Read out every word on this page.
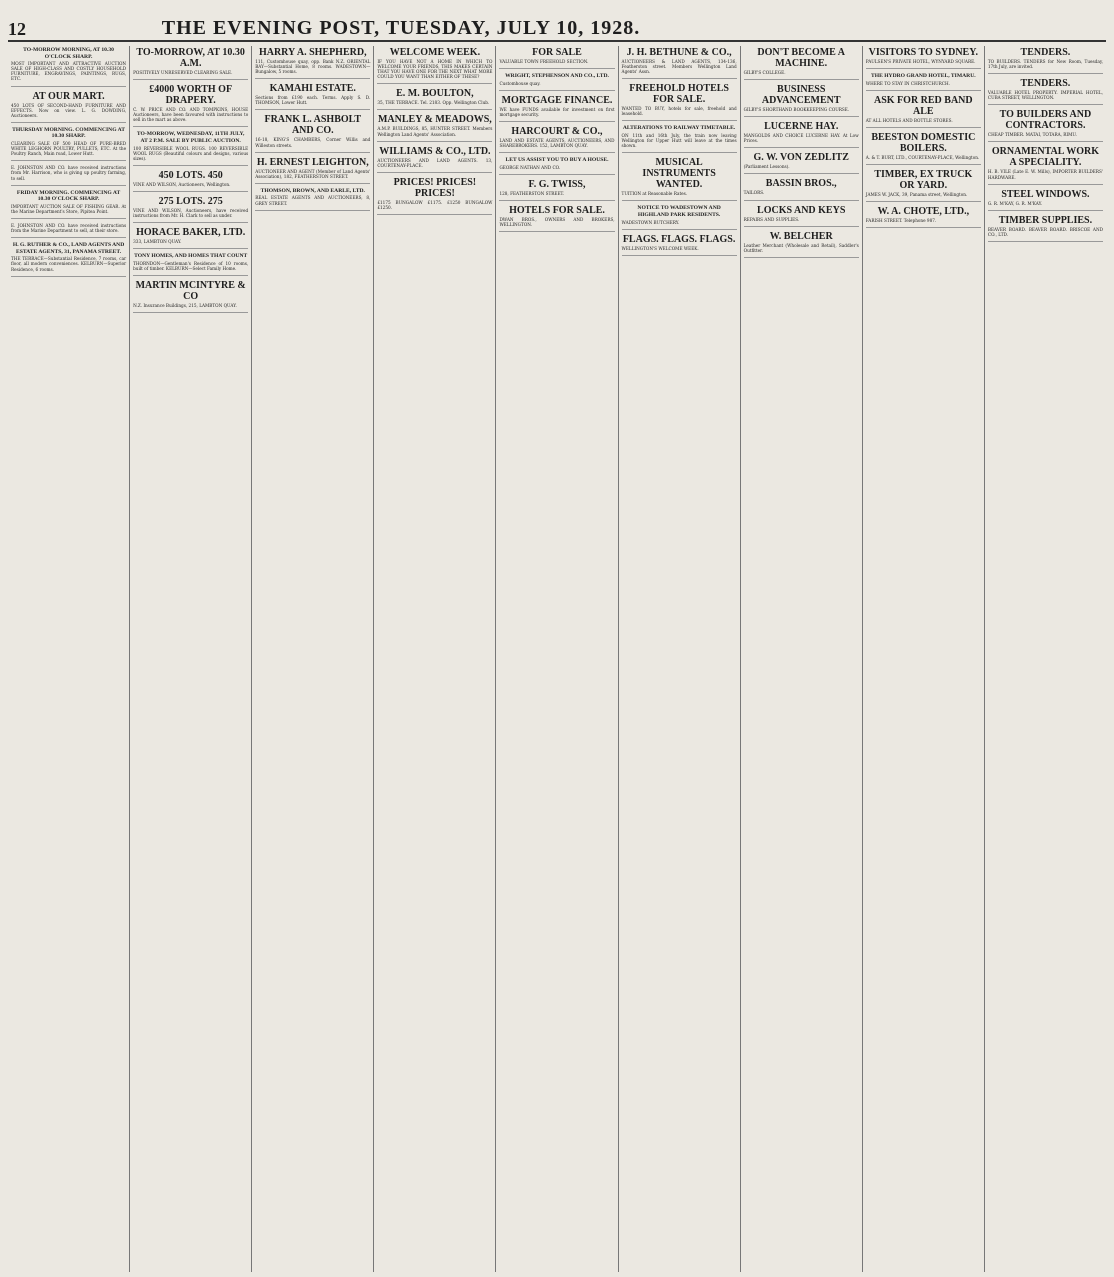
12	THE EVENING POST, TUESDAY, JULY 10, 1928.
TO-MORROW MORNING, AT 10.30 O'CLOCK SHARP.
MOST IMPORTANT AND ATTRACTIVE AUCTION SALE OF HIGH-CLASS AND COSTLY HOUSEHOLD FURNITURE, ENGRAVINGS, PAINTINGS, RUGS, ETC.
AT OUR MART.
450 LOTS OF SECOND-HAND FURNITURE AND EFFECTS. Now on view. L. G. DOWDING, Auctioneers.
THURSDAY MORNING. COMMENCING AT 10.30 SHARP.
CLEARING SALE OF 500 HEAD OF PURE-BRED WHITE LEGHORN POULTRY, PULLETS, ETC. At the Poultry Ranch, Main road, Lower Hutt.
E. JOHNSTON AND CO. have received instructions from Mr. Harrison, who is giving up poultry farming, to sell.
FRIDAY MORNING. COMMENCING AT 10.30 O'CLOCK SHARP.
IMPORTANT AUCTION SALE OF FISHING GEAR. At the Marine Department's Store, Pipitea Point.
E. JOHNSTON AND CO. have received instructions from the Marine Department to sell, at their store.
H. G. RUTHER & CO., LAND AGENTS AND ESTATE AGENTS, 31, PANAMA STREET.
THE TERRACE—Substantial Residence, 7 rooms, car floor, all modern conveniences. KELBURN—Superior Residence, 6 rooms.
TO-MORROW, AT 10.30 A.M.
POSITIVELY UNRESERVED CLEARING SALE.
£4000 WORTH OF DRAPERY.
C. W. PRICE AND CO. AND TOMPKINS, HOUSE Auctioneers, have been favoured with instructions to sell in the mart as above.
TO-MORROW, WEDNESDAY, 11TH JULY, AT 2 P.M. SALE BY PUBLIC AUCTION.
100 REVERSIBLE WOOL RUGS. 100 REVERSIBLE WOOL RUGS (Beautiful colours and designs, various sizes).
450 LOTS. 450
VINE AND WILSON, Auctioneers, Wellington.
275 LOTS. 275
VINE AND WILSON, Auctioneers, have received instructions from Mr. H. Clark to sell as under.
HORACE BAKER, LTD.
333, LAMBTON QUAY.
TONY HOMES, AND HOMES THAT COUNT
THORNDON—Gentleman's Residence of 10 rooms, built of timber. KELBURN—Select Family Home.
MARTIN MCINTYRE & CO
N.Z. Insurance Buildings, 215, LAMBTON QUAY.
HARRY A. SHEPHERD,
111, Customhouse quay, opp. Bank N.Z. ORIENTAL BAY—Substantial Home, 8 rooms. WADESTOWN—Bungalow, 5 rooms.
KAMAHI ESTATE.
Sections from £190 each. Terms. Apply S. D. THOMSON, Lower Hutt.
FRANK L. ASHBOLT AND CO.
16-18, KING'S CHAMBERS, Corner Willis and Willeston streets.
H. ERNEST LEIGHTON,
AUCTIONEER AND AGENT (Member of Land Agents' Association), 182, FEATHERSTON STREET.
THOMSON, BROWN, AND EARLE, LTD.
REAL ESTATE AGENTS AND AUCTIONEERS, 8, GREY STREET.
WELCOME WEEK.
IF YOU HAVE NOT A HOME IN WHICH TO WELCOME YOUR FRIENDS, THIS MAKES CERTAIN THAT YOU HAVE ONE FOR THE NEXT WHAT MORE COULD YOU WANT THAN EITHER OF THESE?
E. M. BOULTON,
35, THE TERRACE. Tel. 2183. Opp. Wellington Club.
MANLEY & MEADOWS,
A.M.P. BUILDINGS, 85, HUNTER STREET. Members Wellington Land Agents' Association.
WILLIAMS & CO., LTD.
AUCTIONEERS AND LAND AGENTS. 13, COURTENAY-PLACE.
PRICES! PRICES! PRICES!
£1175 BUNGALOW £1175. £1250 BUNGALOW £1250.
FOR SALE
VALUABLE TOWN FREEHOLD SECTION.
WRIGHT, STEPHENSON AND CO., LTD.
Customhouse quay.
MORTGAGE FINANCE.
WE have FUNDS available for investment on first mortgage security.
HARCOURT & CO.,
LAND AND ESTATE AGENTS, AUCTIONEERS, AND SHAREBROKERS. 152, LAMBTON QUAY.
LET US ASSIST YOU TO BUY A HOUSE.
GEORGE NATHAN AND CO.
F. G. TWISS,
128, FEATHERSTON STREET.
HOTELS FOR SALE.
DWAN BROS., OWNERS AND BROKERS, WELLINGTON.
J. H. BETHUNE & CO.,
AUCTIONEERS & LAND AGENTS, 134-136, Featherston street. Members Wellington Land Agents' Assn.
FREEHOLD HOTELS FOR SALE.
WANTED TO BUY, hotels for sale, freehold and leasehold.
ALTERATIONS TO RAILWAY TIMETABLE.
ON 11th and 16th July, the train now leaving Wellington for Upper Hutt will leave at the times shown.
MUSICAL INSTRUMENTS WANTED.
TUITION at Reasonable Rates.
NOTICE TO WADESTOWN AND HIGHLAND PARK RESIDENTS.
WADESTOWN BUTCHERY.
FLAGS. FLAGS. FLAGS.
WELLINGTON'S WELCOME WEEK.
DON'T BECOME A MACHINE.
GILBY'S COLLEGE.
BUSINESS ADVANCEMENT
GILBY'S SHORTHAND BOOKKEEPING COURSE.
LUCERNE HAY.
MANGOLDS AND CHOICE LUCERNE HAY. At Low Prices.
G. W. VON ZEDLITZ
(Parliament Lessons).
BASSIN BROS.,
TAILORS.
LOCKS AND KEYS
REPAIRS AND SUPPLIES.
W. BELCHER
Leather Merchant (Wholesale and Retail), Saddler's Outfitter.
VISITORS TO SYDNEY.
PAULSEN'S PRIVATE HOTEL, WYNYARD SQUARE.
THE HYDRO GRAND HOTEL, TIMARU.
WHERE TO STAY IN CHRISTCHURCH.
ASK FOR RED BAND ALE
AT ALL HOTELS AND BOTTLE STORES.
BEESTON DOMESTIC BOILERS.
A. & T. BURT, LTD., COURTENAY-PLACE, Wellington.
TIMBER, EX TRUCK OR YARD.
JAMES W. JACK, 39, Panama street, Wellington.
W. A. CHOTE, LTD.,
FARISH STREET. Telephone 987.
TENDERS.
TO BUILDERS. TENDERS for New Room, Tuesday, 17th July, are invited.
TENDERS.
VALUABLE HOTEL PROPERTY. IMPERIAL HOTEL, CUBA STREET, WELLINGTON.
TO BUILDERS AND CONTRACTORS.
CHEAP TIMBER. MATAI, TOTARA, RIMU.
ORNAMENTAL WORK A SPECIALITY.
H. B. VILE (Late E. W. Mills), IMPORTER BUILDERS' HARDWARE.
STEEL WINDOWS.
G. R. M'KAY, G. R. M'KAY.
TIMBER SUPPLIES.
BEAVER BOARD. BEAVER BOARD. BRISCOE AND CO., LTD.
